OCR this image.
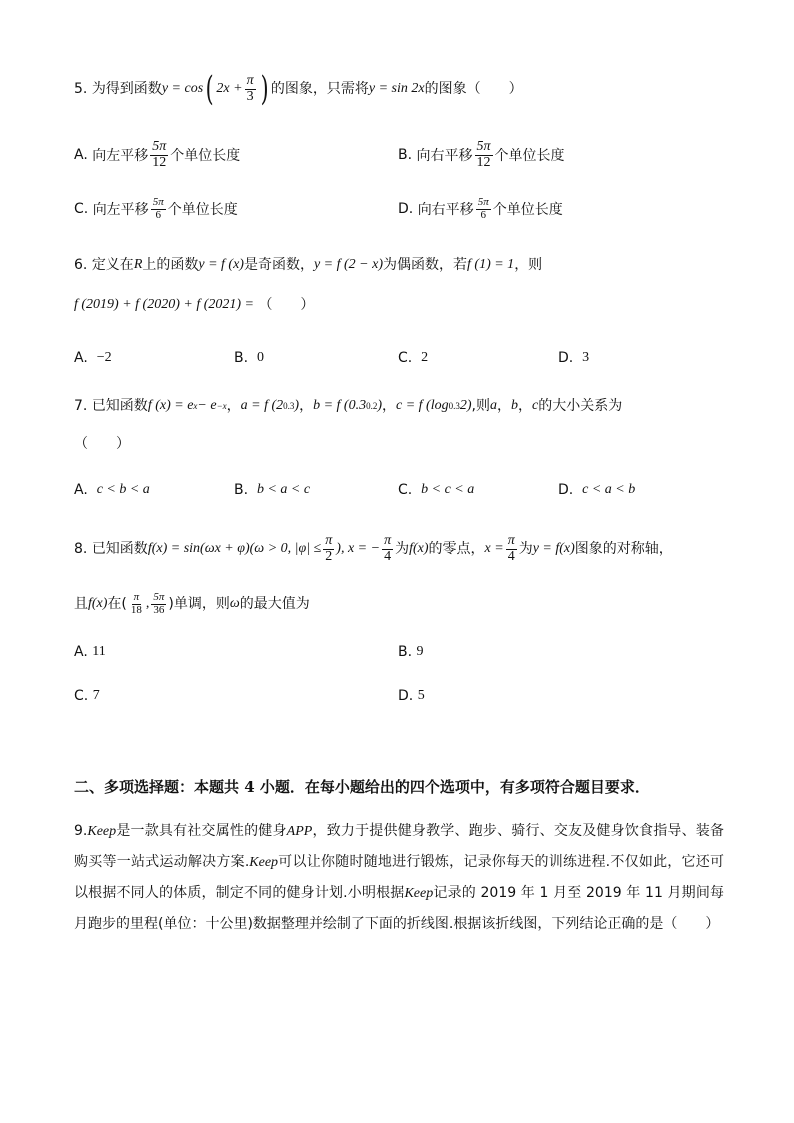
5.
为得到函数 y = cos ( $2x + \frac{\pi}{3}$ ) 的图象，只需将 y = sin 2x 的图象（　　）
A.
向左平移 $\frac{5\pi}{12}$ 个单位长度	B.
向右平移 $\frac{5\pi}{12}$ 个单位长度
C.
向左平移 $\frac{5\pi}{6}$ 个单位长度	D.
向右平移 $\frac{5\pi}{6}$ 个单位长度
6.
定义在 R 上的函数 y = f (x) 是奇函数， y = f (2 − x) 为偶函数，若 f (1) = 1 ，则
f (2019) + f (2020) + f (2021) =
（　　）
A.
−2	B.
0	C.
2	D.
3
7.
已知函数 f (x) = e x − e −x ， a = f (2 0.3 ) ， b = f (0.3 0.2 ) ， c = f (log 0.3 2) ,则 a ， b ， c 的大小关系为
（　　）
A.
c < b < a	B.
b < a < c	C.
b < c < a	D.
c < a < b
8.
已知函数 f(x) = sin(ωx + φ)(ω > 0, $|\varphi| \le \frac{\pi}{2}$ ), x = − $\frac{\pi}{4}$ 为 f(x) 的零点， $x = \frac{\pi}{4}$ 为 y = f(x) 图象的对称轴，
且 f(x) 在( $\frac{\pi}{18}$ , $\frac{5\pi}{36}$ )单调，则 ω 的最大值为
A.
11	B.
9
C.
7	D.
5
二、多项选择题：本题共 4 小题．在每小题给出的四个选项中，有多项符合题目要求．
9.Keep是一款具有社交属性的健身APP，致力于提供健身教学、跑步、骑行、交友及健身饮食指导、装备购买等一站式运动解决方案.Keep可以让你随时随地进行锻炼，记录你每天的训练进程.不仅如此，它还可以根据不同人的体质，制定不同的健身计划.小明根据Keep记录的 2019 年 1 月至 2019 年 11 月期间每月跑步的里程(单位：十公里)数据整理并绘制了下面的折线图.根据该折线图，下列结论正确的是（　　）
